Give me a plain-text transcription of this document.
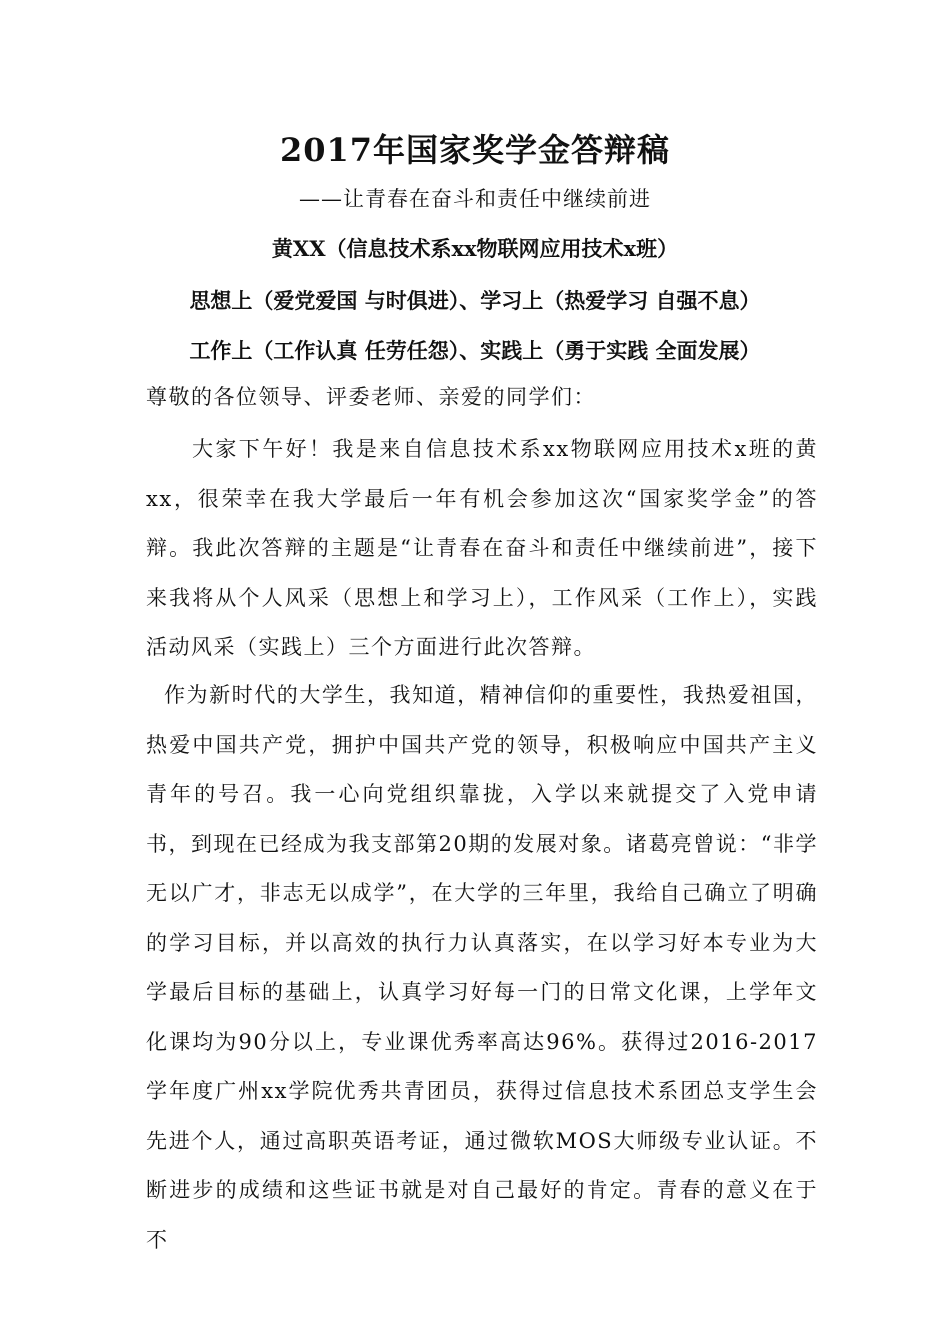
2017年国家奖学金答辩稿
——让青春在奋斗和责任中继续前进
黄XX（信息技术系xx物联网应用技术x班）
思想上（爱党爱国 与时俱进）、学习上（热爱学习 自强不息）
工作上（工作认真 任劳任怨）、实践上（勇于实践 全面发展）
尊敬的各位领导、评委老师、亲爱的同学们：

大家下午好！我是来自信息技术系xx物联网应用技术x班的黄xx，很荣幸在我大学最后一年有机会参加这次“国家奖学金”的答辩。我此次答辩的主题是“让青春在奋斗和责任中继续前进”，接下来我将从个人风采（思想上和学习上），工作风采（工作上），实践活动风采（实践上）三个方面进行此次答辩。

作为新时代的大学生，我知道，精神信仰的重要性，我热爱祖国，热爱中国共产党，拥护中国共产党的领导，积极响应中国共产主义青年的号召。我一心向党组织靠拢，入学以来就提交了入党申请书，到现在已经成为我支部第20期的发展对象。诸葛亮曾说：“非学无以广才，非志无以成学”，在大学的三年里，我给自己确立了明确的学习目标，并以高效的执行力认真落实，在以学习好本专业为大学最后目标的基础上，认真学习好每一门的日常文化课，上学年文化课均为90分以上，专业课优秀率高达96%。获得过2016-2017学年度广州xx学院优秀共青团员，获得过信息技术系团总支学生会先进个人，通过高职英语考证，通过微软MOS大师级专业认证。不断进步的成绩和这些证书就是对自己最好的肯定。青春的意义在于不
